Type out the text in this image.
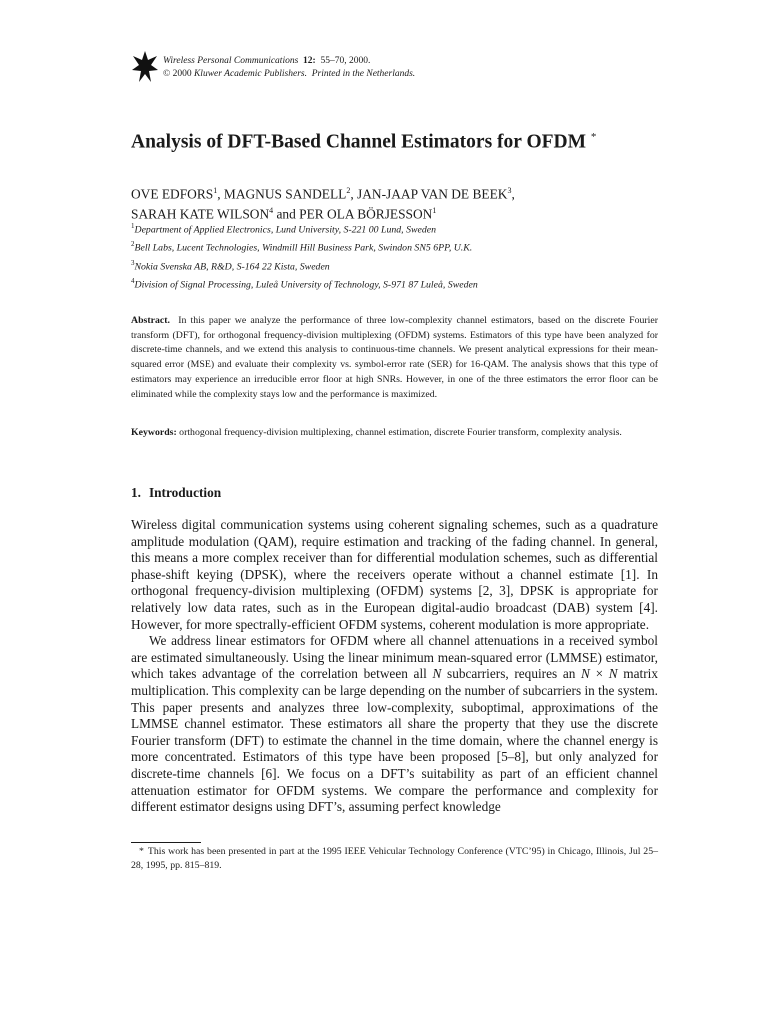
Wireless Personal Communications 12: 55–70, 2000.
© 2000 Kluwer Academic Publishers. Printed in the Netherlands.
Analysis of DFT-Based Channel Estimators for OFDM *
OVE EDFORS$^1$, MAGNUS SANDELL$^2$, JAN-JAAP VAN DE BEEK$^3$,
SARAH KATE WILSON$^4$ and PER OLA BÖRJESSON$^1$
$^1$Department of Applied Electronics, Lund University, S-221 00 Lund, Sweden
$^2$Bell Labs, Lucent Technologies, Windmill Hill Business Park, Swindon SN5 6PP, U.K.
$^3$Nokia Svenska AB, R&D, S-164 22 Kista, Sweden
$^4$Division of Signal Processing, Luleå University of Technology, S-971 87 Luleå, Sweden
Abstract. In this paper we analyze the performance of three low-complexity channel estimators, based on the discrete Fourier transform (DFT), for orthogonal frequency-division multiplexing (OFDM) systems. Estimators of this type have been analyzed for discrete-time channels, and we extend this analysis to continuous-time channels. We present analytical expressions for their mean-squared error (MSE) and evaluate their complexity vs. symbol-error rate (SER) for 16-QAM. The analysis shows that this type of estimators may experience an irreducible error floor at high SNRs. However, in one of the three estimators the error floor can be eliminated while the complexity stays low and the performance is maximized.
Keywords: orthogonal frequency-division multiplexing, channel estimation, discrete Fourier transform, complexity analysis.
1. Introduction

Wireless digital communication systems using coherent signaling schemes, such as a quadrature amplitude modulation (QAM), require estimation and tracking of the fading channel. In general, this means a more complex receiver than for differential modulation schemes, such as differential phase-shift keying (DPSK), where the receivers operate without a channel estimate [1]. In orthogonal frequency-division multiplexing (OFDM) systems [2, 3], DPSK is appropriate for relatively low data rates, such as in the European digital-audio broadcast (DAB) system [4]. However, for more spectrally-efficient OFDM systems, coherent modulation is more appropriate.

We address linear estimators for OFDM where all channel attenuations in a received symbol are estimated simultaneously. Using the linear minimum mean-squared error (LMMSE) estimator, which takes advantage of the correlation between all N subcarriers, requires an N × N matrix multiplication. This complexity can be large depending on the number of subcarriers in the system. This paper presents and analyzes three low-complexity, suboptimal, approximations of the LMMSE channel estimator. These estimators all share the property that they use the discrete Fourier transform (DFT) to estimate the channel in the time domain, where the channel energy is more concentrated. Estimators of this type have been proposed [5–8], but only analyzed for discrete-time channels [6]. We focus on a DFT’s suitability as part of an efficient channel attenuation estimator for OFDM systems. We compare the performance and complexity for different estimator designs using DFT’s, assuming perfect knowledge

* This work has been presented in part at the 1995 IEEE Vehicular Technology Conference (VTC’95) in Chicago, Illinois, Jul 25–28, 1995, pp. 815–819.
